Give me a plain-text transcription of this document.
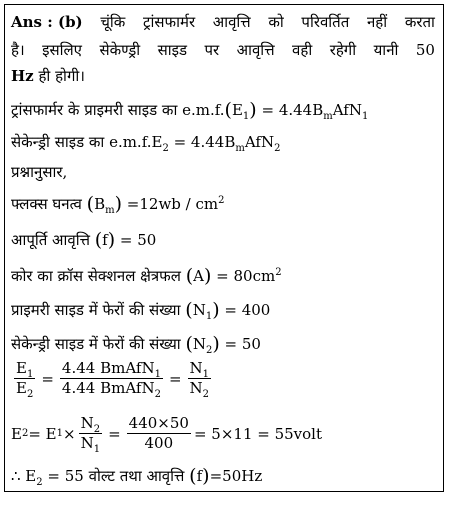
Ans : (b) चूंकि ट्रांसफार्मर आवृत्ति को परिवर्तित नहीं करता
है। इसलिए सेकेण्ड्री साइड पर आवृत्ति वही रहेगी यानी 50
Hz ही होगी।
ट्रांसफार्मर के प्राइमरी साइड का $e.m.f.(E_1) = 4.44B_mAfN_1$
सेकेन्ड्री साइड का $e.m.f.E_2 = 4.44B_mAfN_2$
प्रश्नानुसार,
फ्लक्स घनत्व $(B_m) =12wb / cm^2$
आपूर्ति आवृत्ति (f) = 50
कोर का क्रॉस सेक्शनल क्षेत्रफल $(A) = 80cm^2$
प्राइमरी साइड में फेरों की संख्या $(N_1) = 400$
सेकेन्ड्री साइड में फेरों की संख्या $(N_2) = 50$
$\frac{E_1}{E_2} = \frac{4.44 BmAfN_1}{4.44 BmAfN_2} = \frac{N_1}{N_2}$
E 2 = E $1 \times \frac{N_2}{N_1} = \frac{440\times 50}{400} = 5\times 11$ = 55volt
∴ $E_2 = 55$ वोल्ट तथा आवृत्ति (f)=50Hz
